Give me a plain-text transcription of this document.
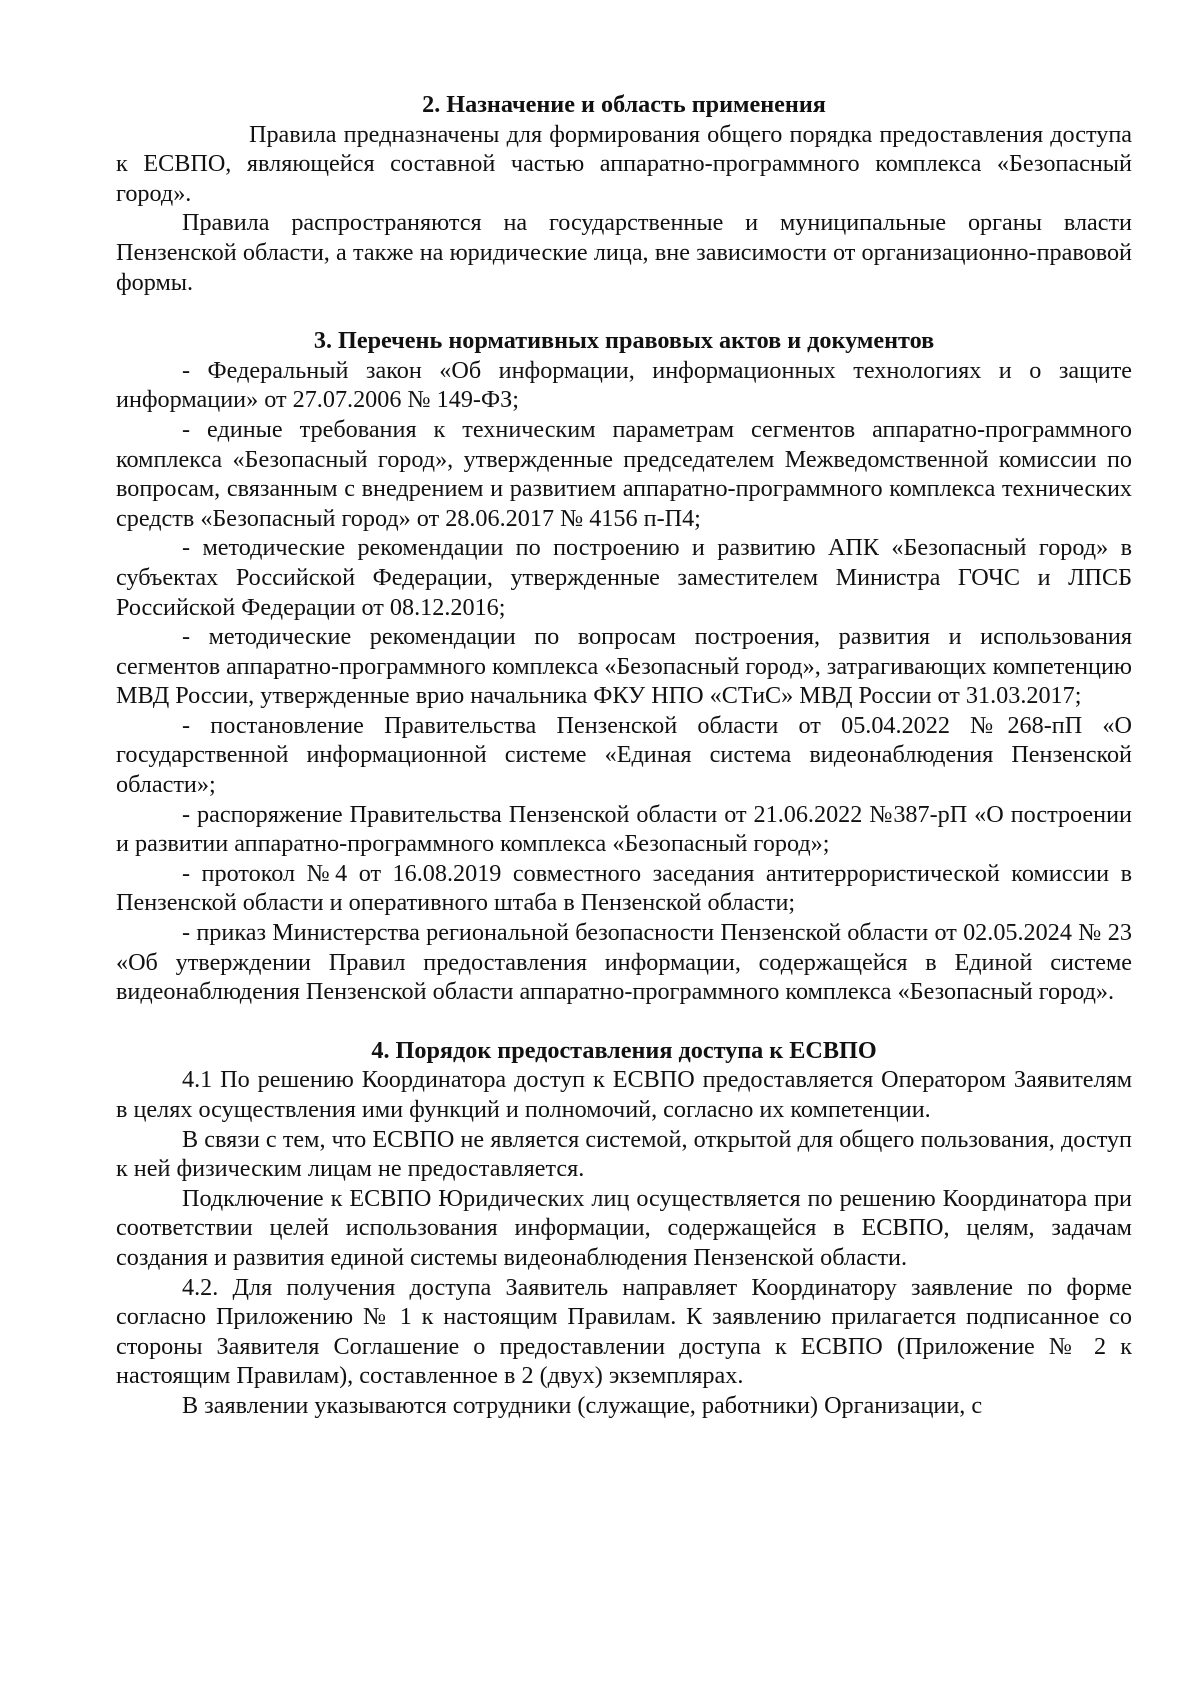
2. Назначение и область применения

Правила предназначены для формирования общего порядка предоставления доступа к ЕСВПО, являющейся составной частью аппаратно-программного комплекса «Безопасный город».

Правила распространяются на государственные и муниципальные органы власти Пензенской области, а также на юридические лица, вне зависимости от организационно-правовой формы.

3. Перечень нормативных правовых актов и документов

- Федеральный закон «Об информации, информационных технологиях и о защите информации» от 27.07.2006 № 149-ФЗ;

- единые требования к техническим параметрам сегментов аппаратно-программного комплекса «Безопасный город», утвержденные председателем Межведомственной комиссии по вопросам, связанным с внедрением и развитием аппаратно-программного комплекса технических средств «Безопасный город» от 28.06.2017 № 4156 п-П4;

- методические рекомендации по построению и развитию АПК «Безопасный город» в субъектах Российской Федерации, утвержденные заместителем Министра ГОЧС и ЛПСБ Российской Федерации от 08.12.2016;

- методические рекомендации по вопросам построения, развития и использования сегментов аппаратно-программного комплекса «Безопасный город», затрагивающих компетенцию МВД России, утвержденные врио начальника ФКУ НПО «СТиС» МВД России от 31.03.2017;

- постановление Правительства Пензенской области от 05.04.2022 №268-пП «О государственной информационной системе «Единая система видеонаблюдения Пензенской области»;

- распоряжение Правительства Пензенской области от 21.06.2022 №387-рП «О построении и развитии аппаратно-программного комплекса «Безопасный город»;

- протокол №4 от 16.08.2019 совместного заседания антитеррористической комиссии в Пензенской области и оперативного штаба в Пензенской области;

- приказ Министерства региональной безопасности Пензенской области от 02.05.2024 № 23 «Об утверждении Правил предоставления информации, содержащейся в Единой системе видеонаблюдения Пензенской области аппаратно-программного комплекса «Безопасный город».

4. Порядок предоставления доступа к ЕСВПО

4.1 По решению Координатора доступ к ЕСВПО предоставляется Оператором Заявителям в целях осуществления ими функций и полномочий, согласно их компетенции.

В связи с тем, что ЕСВПО не является системой, открытой для общего пользования, доступ к ней физическим лицам не предоставляется.

Подключение к ЕСВПО Юридических лиц осуществляется по решению Координатора при соответствии целей использования информации, содержащейся в ЕСВПО, целям, задачам создания и развития единой системы видеонаблюдения Пензенской области.

4.2. Для получения доступа Заявитель направляет Координатору заявление по форме согласно Приложению № 1 к настоящим Правилам. К заявлению прилагается подписанное со стороны Заявителя Соглашение о предоставлении доступа к ЕСВПО (Приложение № 2 к настоящим Правилам), составленное в 2 (двух) экземплярах.

В заявлении указываются сотрудники (служащие, работники) Организации, с
